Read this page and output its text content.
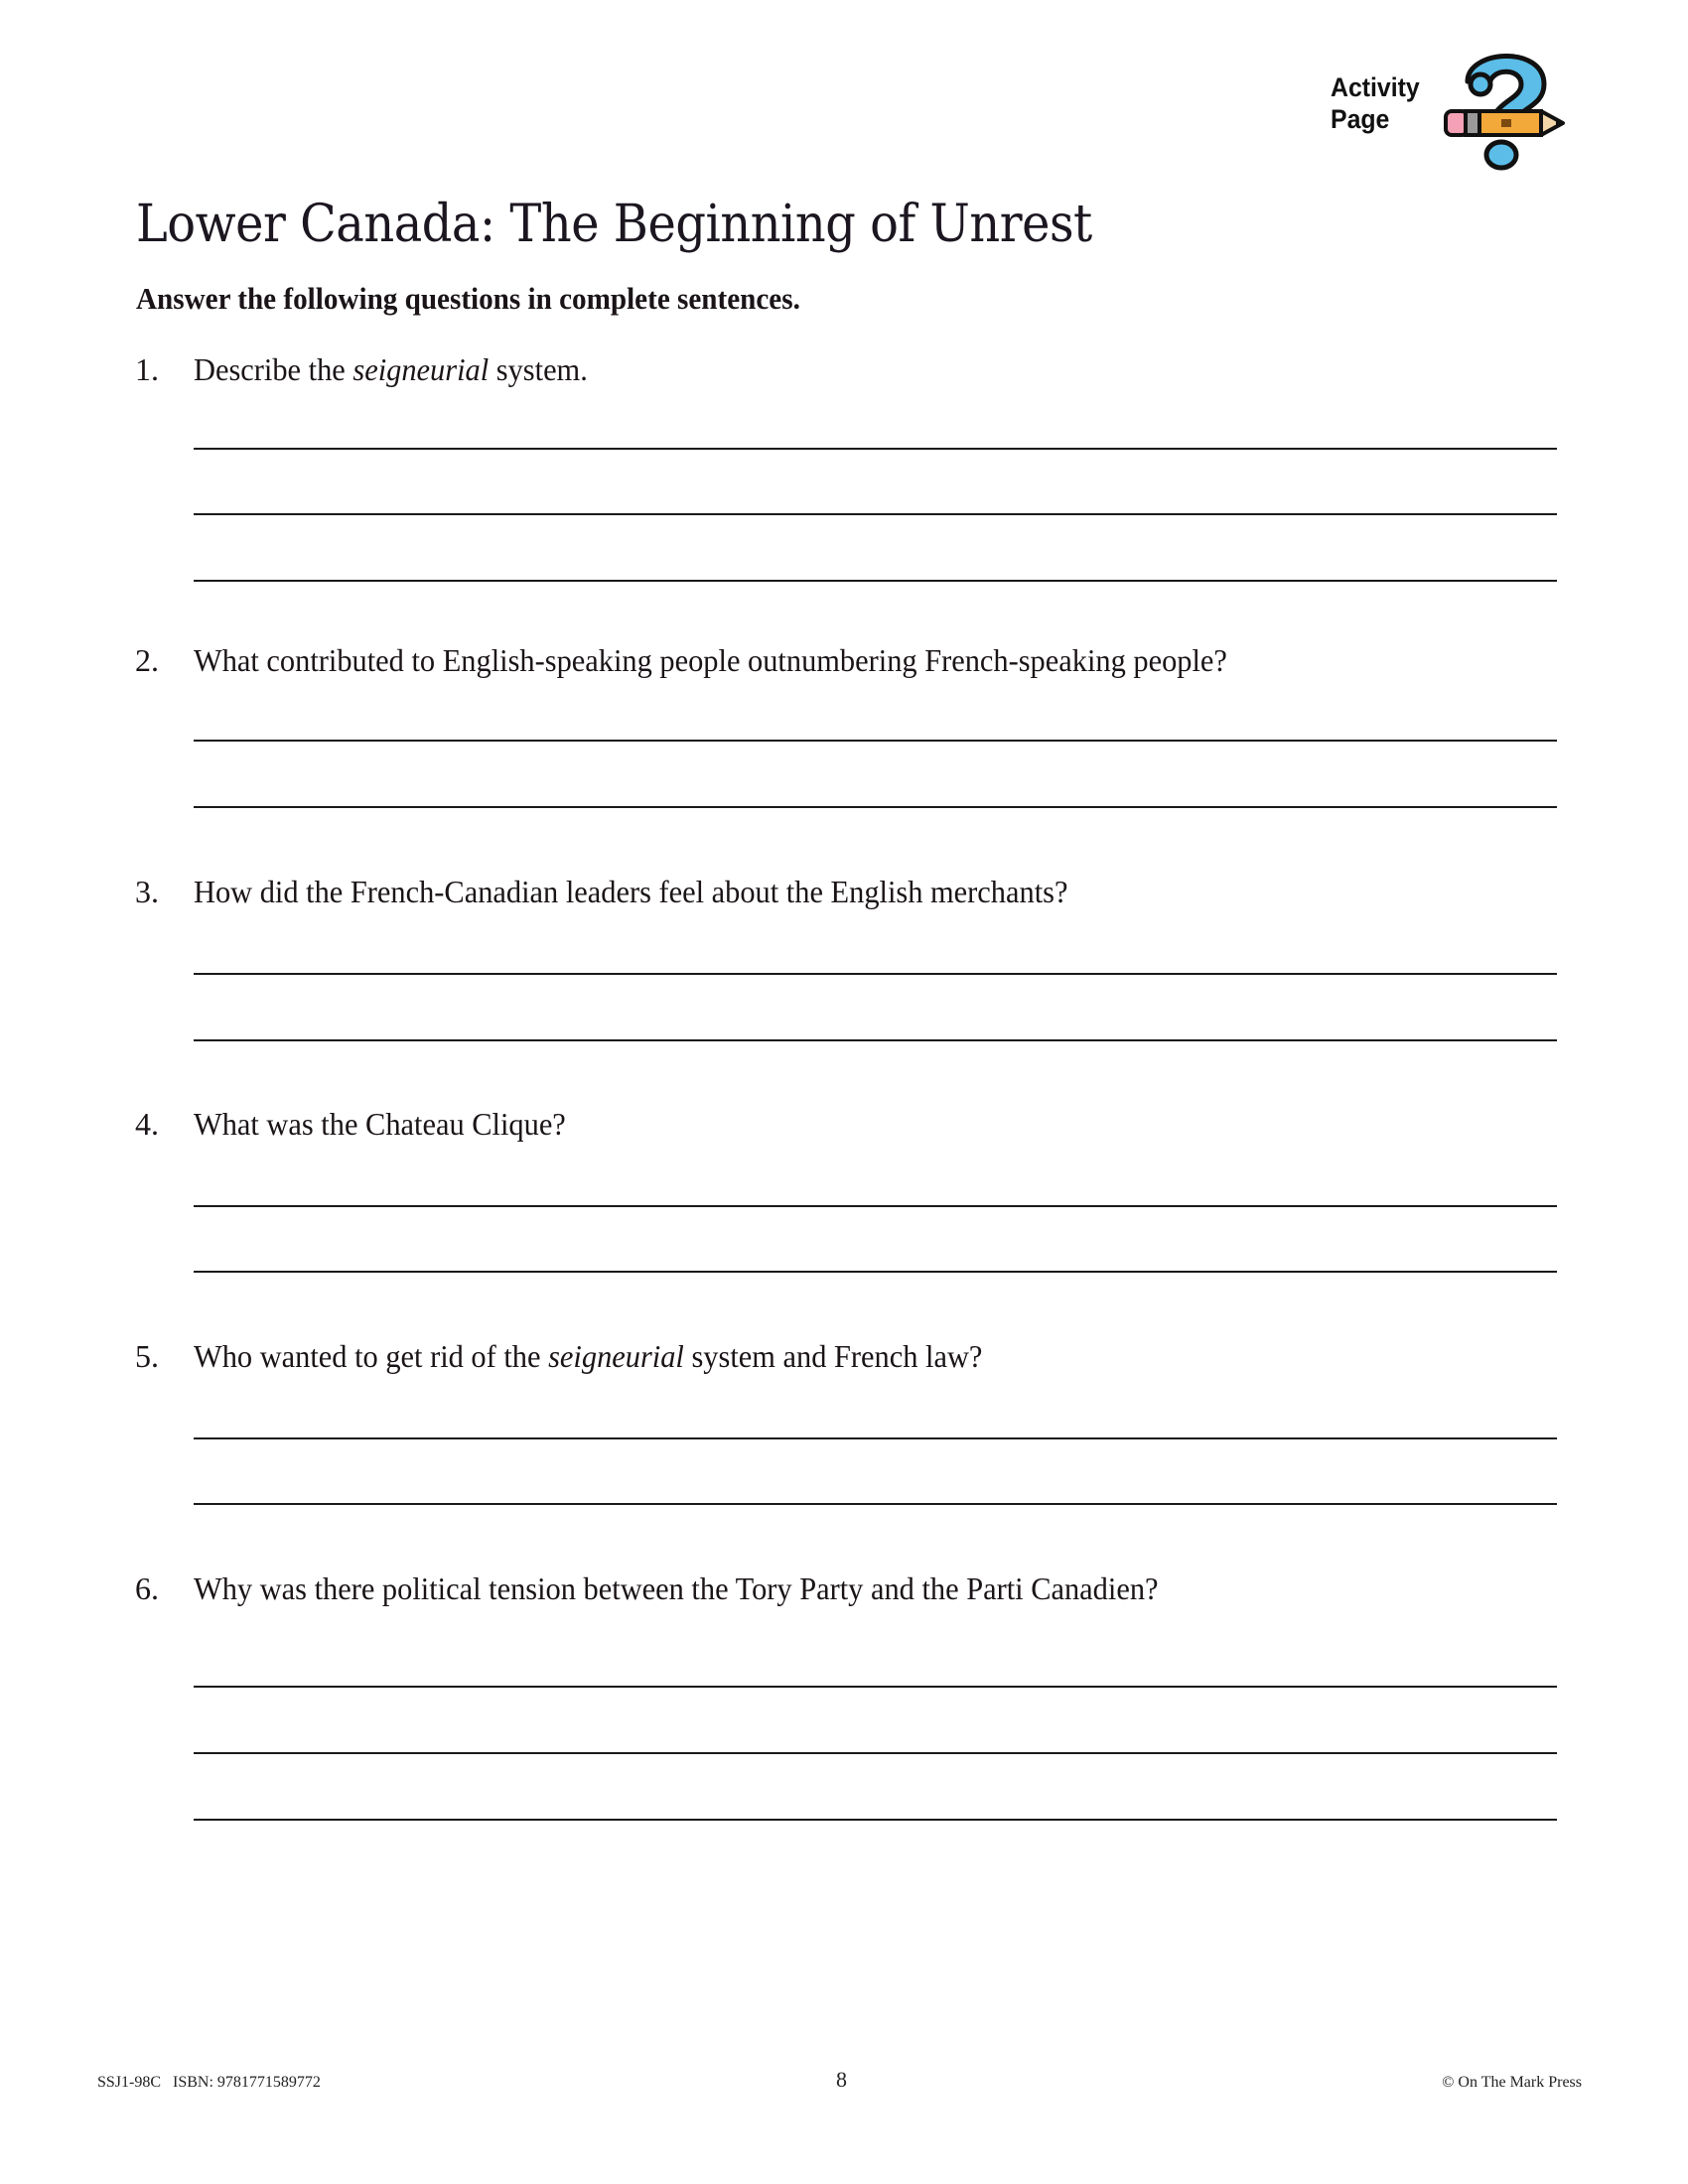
Activity
Page
Lower Canada: The Beginning of Unrest
Answer the following questions in complete sentences.
1. Describe the seigneurial system.
2. What contributed to English-speaking people outnumbering French-speaking people?
3. How did the French-Canadian leaders feel about the English merchants?
4. What was the Chateau Clique?
5. Who wanted to get rid of the seigneurial system and French law?
6. Why was there political tension between the Tory Party and the Parti Canadien?
SSJ1-98C   ISBN: 9781771589772	8	© On The Mark Press
